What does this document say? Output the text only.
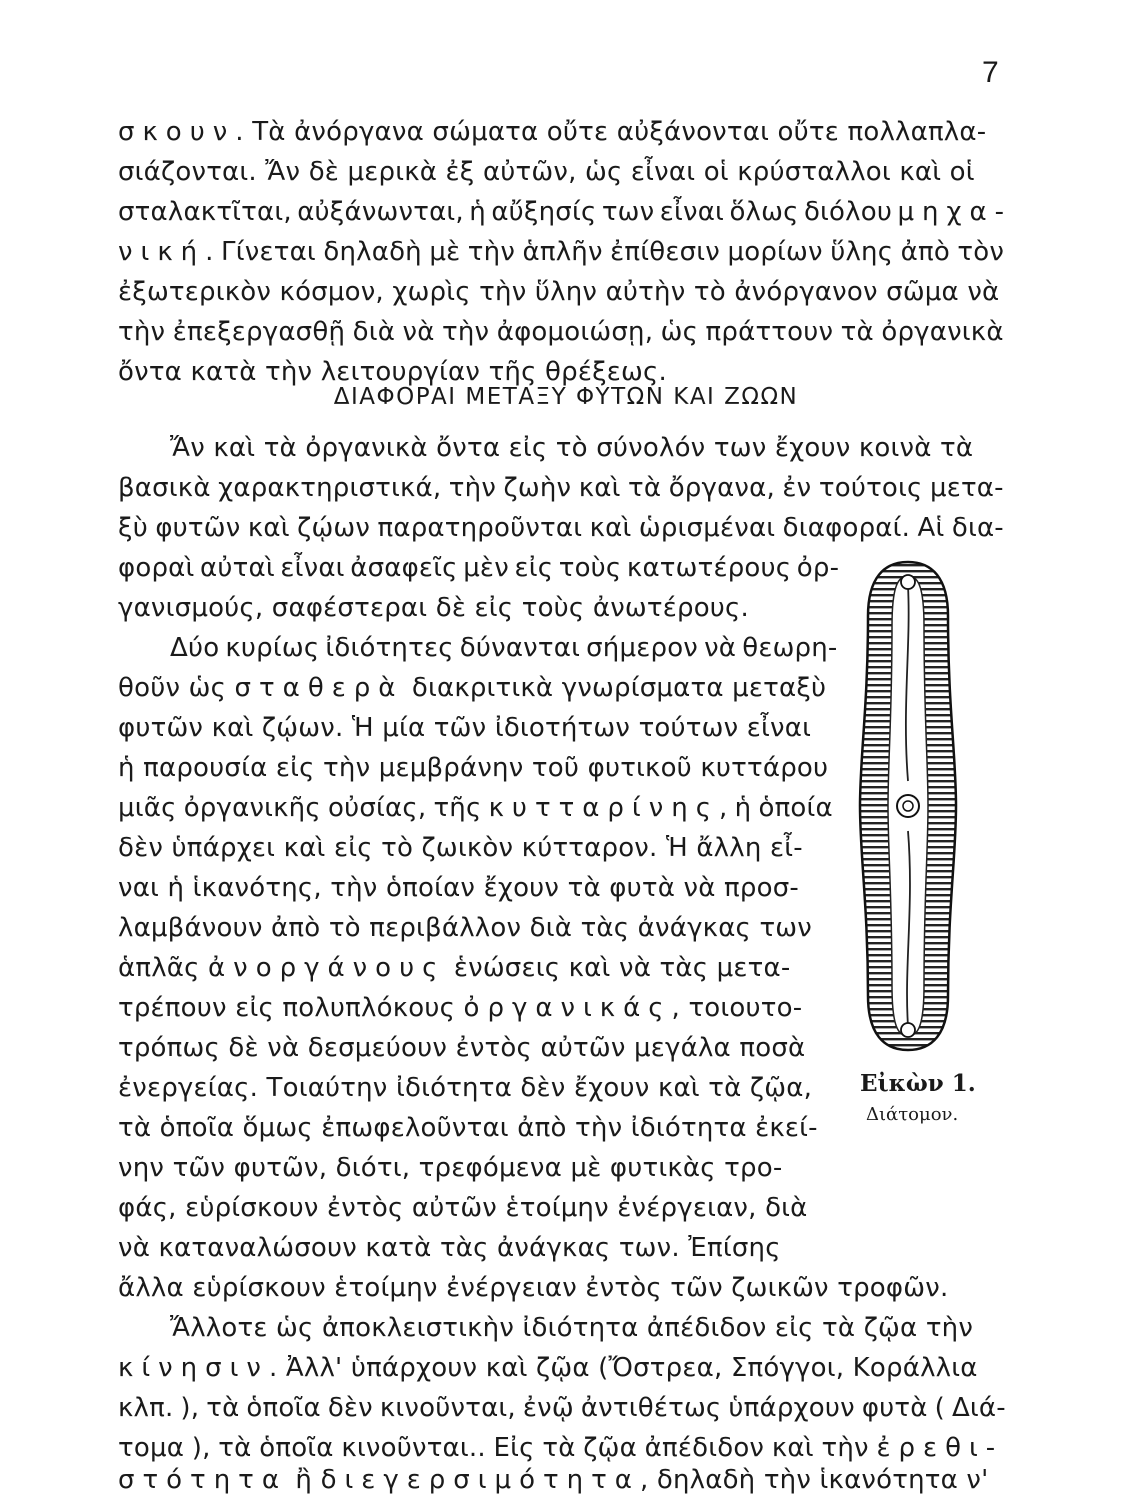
7
σκουν. Τὰ ἀνόργανα σώματα οὔτε αὐξάνονται οὔτε πολλαπλα-
σιάζονται. Ἄν δὲ μερικὰ ἐξ αὐτῶν, ὡς εἶναι οἱ κρύσταλλοι καὶ οἱ
σταλακτῖται, αὐξάνωνται, ἡ αὔξησίς των εἶναι ὅλως διόλου μηχα-
νική. Γίνεται δηλαδὴ μὲ τὴν ἁπλῆν ἐπίθεσιν μορίων ὕλης ἀπὸ τὸν
ἐξωτερικὸν κόσμον, χωρὶς τὴν ὕλην αὐτὴν τὸ ἀνόργανον σῶμα νὰ
τὴν ἐπεξεργασθῇ διὰ νὰ τὴν ἀφομοιώσῃ, ὡς πράττουν τὰ ὀργανικὰ
ὄντα κατὰ τὴν λειτουργίαν τῆς θρέξεως.
ΔΙΑΦΟΡΑΙ ΜΕΤΑΞΥ ΦΥΤΩΝ ΚΑΙ ΖΩΩΝ
Ἄν καὶ τὰ ὀργανικὰ ὄντα εἰς τὸ σύνολόν των ἔχουν κοινὰ τὰ
βασικὰ χαρακτηριστικά, τὴν ζωὴν καὶ τὰ ὄργανα, ἐν τούτοις μετα-
ξὺ φυτῶν καὶ ζῴων παρατηροῦνται καὶ ὡρισμέναι διαφοραί. Αἱ δια-
φοραὶ αὐταὶ εἶναι ἀσαφεῖς μὲν εἰς τοὺς κατωτέρους ὀρ-
γανισμούς, σαφέστεραι δὲ εἰς τοὺς ἀνωτέρους.
Δύο κυρίως ἰδιότητες δύνανται σήμερον νὰ θεωρη-
θοῦν ὡς σταθερὰ διακριτικὰ γνωρίσματα μεταξὺ
φυτῶν καὶ ζῴων. Ἡ μία τῶν ἰδιοτήτων τούτων εἶναι
ἡ παρουσία εἰς τὴν μεμβράνην τοῦ φυτικοῦ κυττάρου
μιᾶς ὀργανικῆς οὐσίας, τῆς κυτταρίνης, ἡ ὁποία
δὲν ὑπάρχει καὶ εἰς τὸ ζωικὸν κύτταρον. Ἡ ἄλλη εἶ-
ναι ἡ ἱκανότης, τὴν ὁποίαν ἔχουν τὰ φυτὰ νὰ προσ-
λαμβάνουν ἀπὸ τὸ περιβάλλον διὰ τὰς ἀνάγκας των
ἁπλᾶς ἀνοργάνους ἑνώσεις καὶ νὰ τὰς μετα-
τρέπουν εἰς πολυπλόκους ὀργανικάς, τοιουτο-
τρόπως δὲ νὰ δεσμεύουν ἐντὸς αὐτῶν μεγάλα ποσὰ
ἐνεργείας. Τοιαύτην ἰδιότητα δὲν ἔχουν καὶ τὰ ζῷα,
τὰ ὁποῖα ὅμως ἐπωφελοῦνται ἀπὸ τὴν ἰδιότητα ἐκεί-
νην τῶν φυτῶν, διότι, τρεφόμενα μὲ φυτικὰς τρο-
φάς, εὑρίσκουν ἐντὸς αὐτῶν ἑτοίμην ἐνέργειαν, διὰ
νὰ καταναλώσουν κατὰ τὰς ἀνάγκας των. Ἐπίσης
ἄλλα εὑρίσκουν ἑτοίμην ἐνέργειαν ἐντὸς τῶν ζωικῶν τροφῶν.
Ἄλλοτε ὡς ἀποκλειστικὴν ἰδιότητα ἀπέδιδον εἰς τὰ ζῷα τὴν
κίνησιν. Ἀλλ' ὑπάρχουν καὶ ζῷα (Ὄστρεα, Σπόγγοι, Κοράλλια
κλπ. ), τὰ ὁποῖα δὲν κινοῦνται, ἐνῷ ἀντιθέτως ὑπάρχουν φυτὰ ( Διά-
τομα ), τὰ ὁποῖα κινοῦνται.. Εἰς τὰ ζῷα ἀπέδιδον καὶ τὴν ἐρεθι-
στότητα ἢ διεγερσιμότητα, δηλαδὴ τὴν ἱκανότητα ν'
Εἰκὼν 1.
Διάτομον.
